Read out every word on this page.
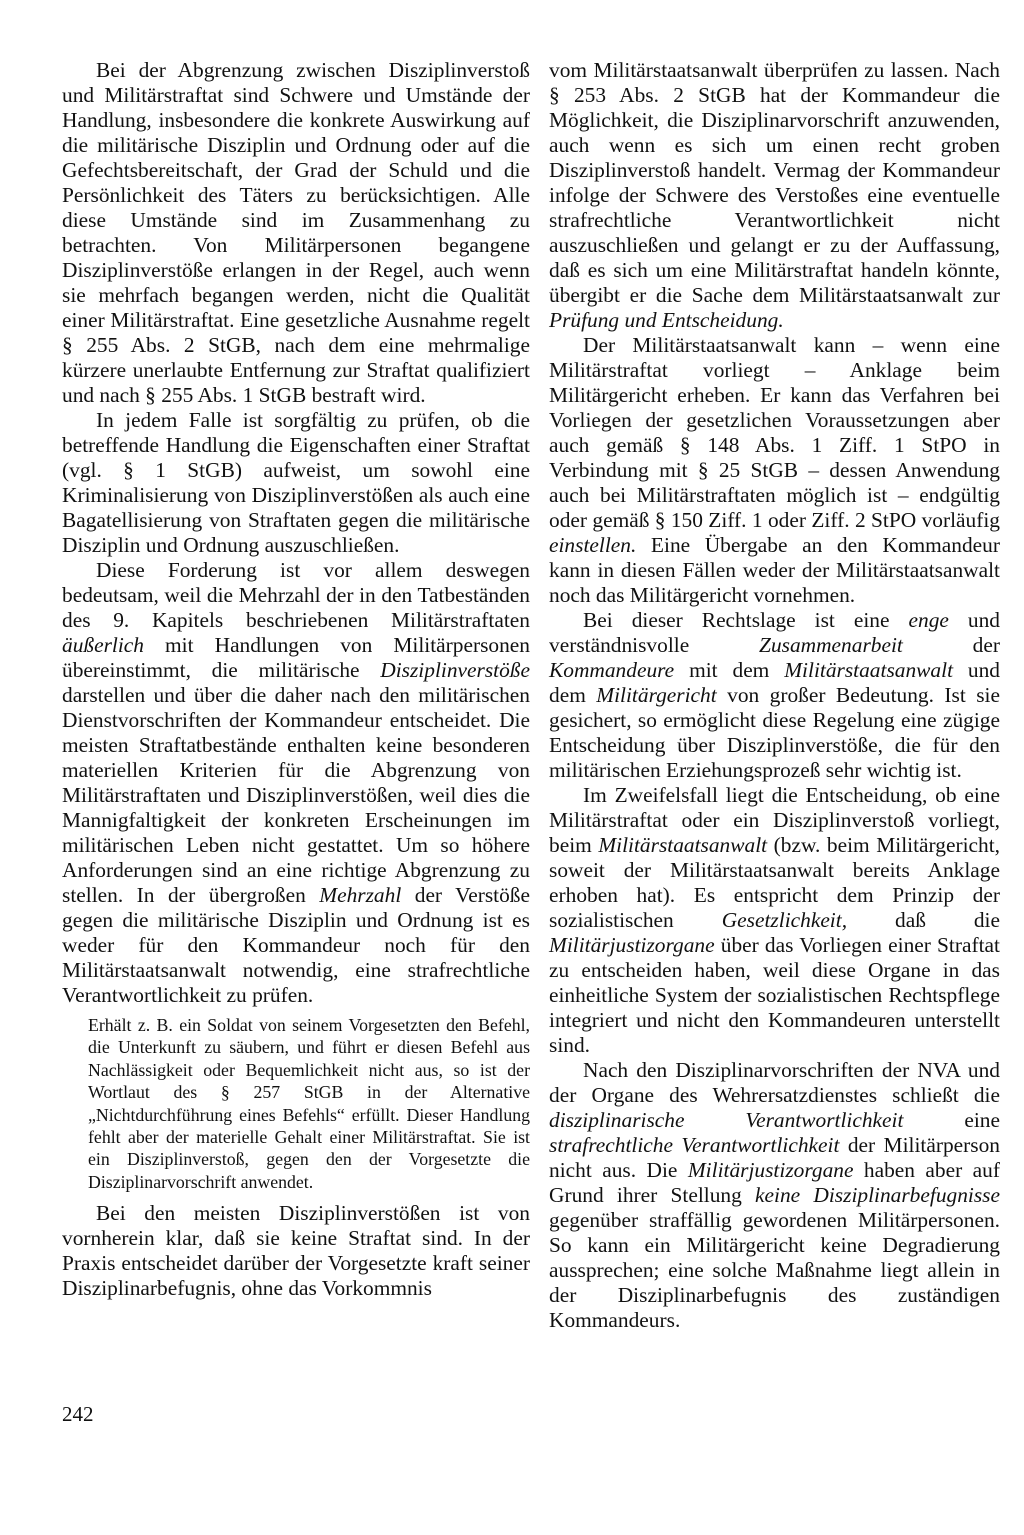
Bei der Abgrenzung zwischen Disziplinverstoß und Militärstraftat sind Schwere und Umstände der Handlung, insbesondere die konkrete Auswirkung auf die militärische Disziplin und Ordnung oder auf die Gefechtsbereitschaft, der Grad der Schuld und die Persönlichkeit des Täters zu berücksichtigen. Alle diese Umstände sind im Zusammenhang zu betrachten. Von Militärpersonen begangene Disziplinverstöße erlangen in der Regel, auch wenn sie mehrfach begangen werden, nicht die Qualität einer Militärstraftat. Eine gesetzliche Ausnahme regelt § 255 Abs. 2 StGB, nach dem eine mehrmalige kürzere unerlaubte Entfernung zur Straftat qualifiziert und nach § 255 Abs. 1 StGB bestraft wird.

In jedem Falle ist sorgfältig zu prüfen, ob die betreffende Handlung die Eigenschaften einer Straftat (vgl. § 1 StGB) aufweist, um sowohl eine Kriminalisierung von Disziplinverstößen als auch eine Bagatellisierung von Straftaten gegen die militärische Disziplin und Ordnung auszuschließen.

Diese Forderung ist vor allem deswegen bedeutsam, weil die Mehrzahl der in den Tatbeständen des 9. Kapitels beschriebenen Militärstraftaten äußerlich mit Handlungen von Militärpersonen übereinstimmt, die militärische Disziplinverstöße darstellen und über die daher nach den militärischen Dienstvorschriften der Kommandeur entscheidet. Die meisten Straftatbestände enthalten keine besonderen materiellen Kriterien für die Abgrenzung von Militärstraftaten und Disziplinverstößen, weil dies die Mannigfaltigkeit der konkreten Erscheinungen im militärischen Leben nicht gestattet. Um so höhere Anforderungen sind an eine richtige Abgrenzung zu stellen. In der übergroßen Mehrzahl der Verstöße gegen die militärische Disziplin und Ordnung ist es weder für den Kommandeur noch für den Militärstaatsanwalt notwendig, eine strafrechtliche Verantwortlichkeit zu prüfen.

Erhält z. B. ein Soldat von seinem Vorgesetzten den Befehl, die Unterkunft zu säubern, und führt er diesen Befehl aus Nachlässigkeit oder Bequemlichkeit nicht aus, so ist der Wortlaut des § 257 StGB in der Alternative „Nichtdurchführung eines Befehls“ erfüllt. Dieser Handlung fehlt aber der materielle Gehalt einer Militärstraftat. Sie ist ein Disziplinverstoß, gegen den der Vorgesetzte die Disziplinarvorschrift anwendet.

Bei den meisten Disziplinverstößen ist von vornherein klar, daß sie keine Straftat sind. In der Praxis entscheidet darüber der Vorgesetzte kraft seiner Disziplinarbefugnis, ohne das Vorkommnis

vom Militärstaatsanwalt überprüfen zu lassen. Nach § 253 Abs. 2 StGB hat der Kommandeur die Möglichkeit, die Disziplinarvorschrift anzuwenden, auch wenn es sich um einen recht groben Disziplinverstoß handelt. Vermag der Kommandeur infolge der Schwere des Verstoßes eine eventuelle strafrechtliche Verantwortlichkeit nicht auszuschließen und gelangt er zu der Auffassung, daß es sich um eine Militärstraftat handeln könnte, übergibt er die Sache dem Militärstaatsanwalt zur Prüfung und Entscheidung.

Der Militärstaatsanwalt kann – wenn eine Militärstraftat vorliegt – Anklage beim Militärgericht erheben. Er kann das Verfahren bei Vorliegen der gesetzlichen Voraussetzungen aber auch gemäß § 148 Abs. 1 Ziff. 1 StPO in Verbindung mit § 25 StGB – dessen Anwendung auch bei Militärstraftaten möglich ist – endgültig oder gemäß § 150 Ziff. 1 oder Ziff. 2 StPO vorläufig einstellen. Eine Übergabe an den Kommandeur kann in diesen Fällen weder der Militärstaatsanwalt noch das Militärgericht vornehmen.

Bei dieser Rechtslage ist eine enge und verständnisvolle Zusammenarbeit der Kommandeure mit dem Militärstaatsanwalt und dem Militärgericht von großer Bedeutung. Ist sie gesichert, so ermöglicht diese Regelung eine zügige Entscheidung über Disziplinverstöße, die für den militärischen Erziehungsprozeß sehr wichtig ist.

Im Zweifelsfall liegt die Entscheidung, ob eine Militärstraftat oder ein Disziplinverstoß vorliegt, beim Militärstaatsanwalt (bzw. beim Militärgericht, soweit der Militärstaatsanwalt bereits Anklage erhoben hat). Es entspricht dem Prinzip der sozialistischen Gesetzlichkeit, daß die Militärjustizorgane über das Vorliegen einer Straftat zu entscheiden haben, weil diese Organe in das einheitliche System der sozialistischen Rechtspflege integriert und nicht den Kommandeuren unterstellt sind.

Nach den Disziplinarvorschriften der NVA und der Organe des Wehrersatzdienstes schließt die disziplinarische Verantwortlichkeit eine strafrechtliche Verantwortlichkeit der Militärperson nicht aus. Die Militärjustizorgane haben aber auf Grund ihrer Stellung keine Disziplinarbefugnisse gegenüber straffällig gewordenen Militärpersonen. So kann ein Militärgericht keine Degradierung aussprechen; eine solche Maßnahme liegt allein in der Disziplinarbefugnis des zuständigen Kommandeurs.

242
